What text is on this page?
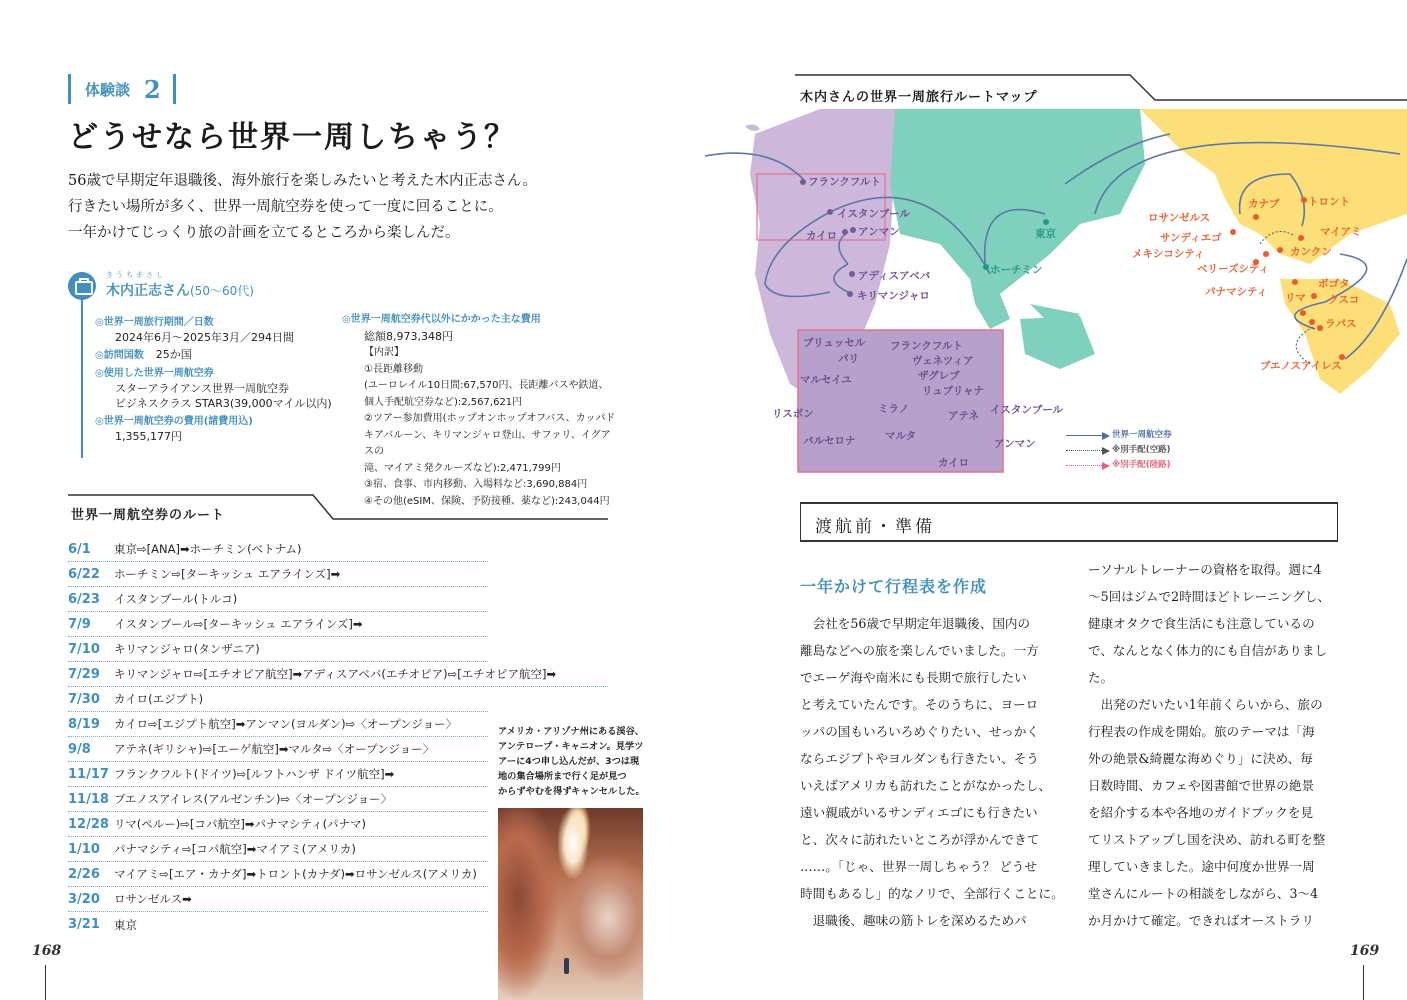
体験談 2
どうせなら世界一周しちゃう？
56歳で早期定年退職後、海外旅行を楽しみたいと考えた木内正志さん。
行きたい場所が多く、世界一周航空券を使って一度に回ることに。
一年かけてじっくり旅の計画を立てるところから楽しんだ。
きうちまさし
木内正志さん(50～60代)
◎世界一周旅行期間／日数
2024年6月～2025年3月／294日間
◎訪問国数	25か国
◎使用した世界一周航空券
スターアライアンス世界一周航空券
ビジネスクラス STAR3(39,000マイル以内)
◎世界一周航空券の費用(諸費用込)
1,355,177円
◎世界一周航空券代以外にかかった主な費用
総額8,973,348円
【内訳】
①長距離移動
(ユーロレイル10日間:67,570円、長距離バスや鉄道、
個人手配航空券など):2,567,621円
②ツアー参加費用(ホップオンホップオフバス、カッパド
キアバルーン、キリマンジャロ登山、サファリ、イグアスの
滝、マイアミ発クルーズなど):2,471,799円
③宿、食事、市内移動、入場料など:3,690,884円
④その他(eSIM、保険、予防接種、薬など):243,044円
世界一周航空券のルート
6/1	東京⇨[ANA]➡ホーチミン(ベトナム)
6/22	ホーチミン⇨[ターキッシュ エアラインズ]➡
6/23	イスタンブール(トルコ)
7/9	イスタンブール⇨[ターキッシュ エアラインズ]➡
7/10	キリマンジャロ(タンザニア)
7/29	キリマンジャロ⇨[エチオピア航空]➡アディスアベバ(エチオピア)⇨[エチオピア航空]➡
7/30	カイロ(エジプト)
8/19	カイロ⇨[エジプト航空]➡アンマン(ヨルダン)⇨〈オープンジョー〉
9/8	アテネ(ギリシャ)⇨[エーゲ航空]➡マルタ⇨〈オープンジョー〉
11/17 フランクフルト(ドイツ)⇨[ルフトハンザ ドイツ航空]➡
11/18 ブエノスアイレス(アルゼンチン)⇨〈オープンジョー〉
12/28 リマ(ペルー)⇨[コパ航空]➡パナマシティ(パナマ)
1/10	パナマシティ⇨[コパ航空]➡マイアミ(アメリカ)
2/26	マイアミ⇨[エア・カナダ]➡トロント(カナダ)➡ロサンゼルス(アメリカ)
3/20	ロサンゼルス➡
3/21	東京
アメリカ・アリゾナ州にある渓谷、
アンテロープ・キャニオン。見学ツ
アーに4つ申し込んだが、3つは現
地の集合場所まで行く足が見つ
からずやむを得ずキャンセルした。
168
木内さんの世界一周旅行ルートマップ
フランクフルト
イスタンブール
カイロ アンマン
アディスアベバ
キリマンジャロ
東京
ホーチミン
カナブ	トロント
ロサンゼルス
マイアミ
サンディエゴ
カンクン
メキシコシティ
ベリーズシティ
パナマシティ
ボゴタ
リマ クスコ
ラパス
ブエノスアイレス
ブリュッセル フランクフルト
パリ	ヴェネツィア
マルセイユ	ザグレブ
リュブリャナ
ミラノ
リスボン	イスタンブール
アテネ
バルセロナ	マルタ
アンマン
カイロ
世界一周航空券
※別手配(空路)
※別手配(陸路)
渡航前・準備
一年かけて行程表を作成
　会社を56歳で早期定年退職後、国内の
離島などへの旅を楽しんでいました。一方
でエーゲ海や南米にも長期で旅行したい
と考えていたんです。そのうちに、ヨーロ
ッパの国もいろいろめぐりたい、せっかく
ならエジプトやヨルダンも行きたい、そう
いえばアメリカも訪れたことがなかったし、
遠い親戚がいるサンディエゴにも行きたい
と、次々に訪れたいところが浮かんできて
……。「じゃ、世界一周しちゃう？ どうせ
時間もあるし」的なノリで、全部行くことに。
　退職後、趣味の筋トレを深めるためパ
ーソナルトレーナーの資格を取得。週に4
～5回はジムで2時間ほどトレーニングし、
健康オタクで食生活にも注意しているの
で、なんとなく体力的にも自信がありまし
た。
　出発のだいたい1年前くらいから、旅の
行程表の作成を開始。旅のテーマは「海
外の絶景&綺麗な海めぐり」に決め、毎
日数時間、カフェや図書館で世界の絶景
を紹介する本や各地のガイドブックを見
てリストアップし国を決め、訪れる町を整
理していきました。途中何度か世界一周
堂さんにルートの相談をしながら、3～4
か月かけて確定。できればオーストラリ
169
